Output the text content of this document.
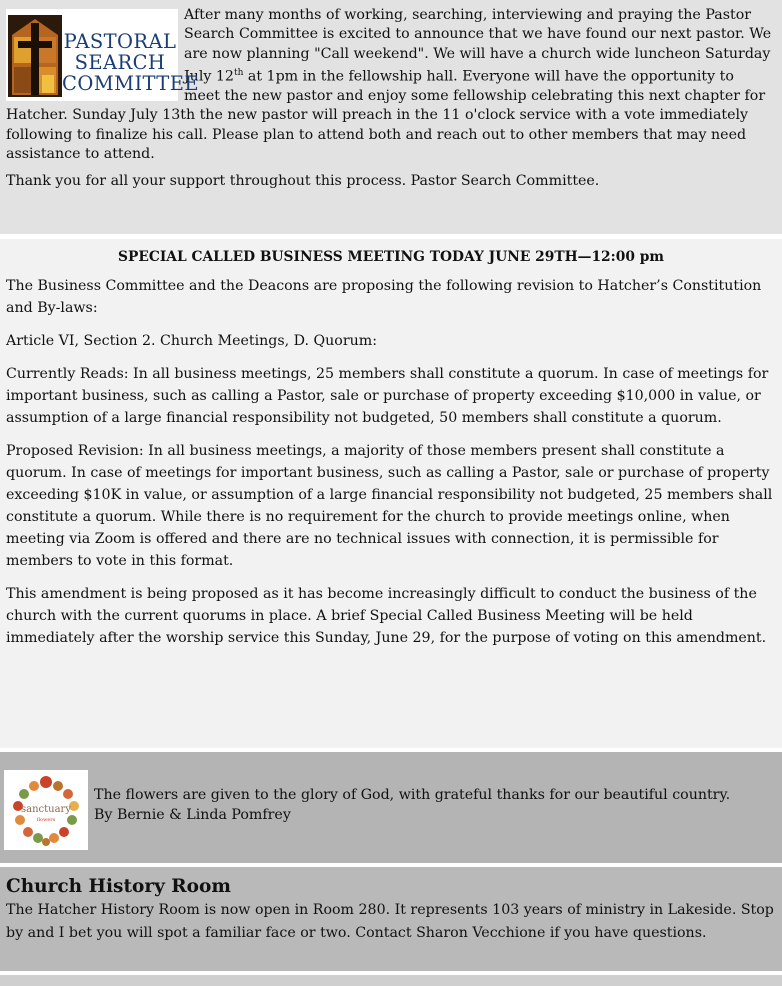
PASTORAL
SEARCH
COMMITTEE

After many months of working, searching, interviewing and praying the Pastor Search Committee is excited to announce that we have found our next pastor. We are now planning "Call weekend". We will have a church wide luncheon Saturday July 12th at 1pm in the fellowship hall. Everyone will have the opportunity to meet the new pastor and enjoy some fellowship celebrating this next chapter for Hatcher. Sunday July 13th the new pastor will preach in the 11 o'clock service with a vote immediately following to finalize his call. Please plan to attend both and reach out to other members that may need assistance to attend.

Thank you for all your support throughout this process. Pastor Search Committee.

SPECIAL CALLED BUSINESS MEETING TODAY JUNE 29TH—12:00 pm

The Business Committee and the Deacons are proposing the following revision to Hatcher’s Constitution and By-laws:

Article VI, Section 2. Church Meetings, D. Quorum:

Currently Reads: In all business meetings, 25 members shall constitute a quorum. In case of meetings for important business, such as calling a Pastor, sale or purchase of property exceeding $10,000 in value, or assumption of a large financial responsibility not budgeted, 50 members shall constitute a quorum.

Proposed Revision: In all business meetings, a majority of those members present shall constitute a quorum. In case of meetings for important business, such as calling a Pastor, sale or purchase of property exceeding $10K in value, or assumption of a large financial responsibility not budgeted, 25 members shall constitute a quorum. While there is no requirement for the church to provide meetings online, when meeting via Zoom is offered and there are no technical issues with connection, it is permissible for members to vote in this format.

This amendment is being proposed as it has become increasingly difficult to conduct the business of the church with the current quorums in place. A brief Special Called Business Meeting will be held immediately after the worship service this Sunday, June 29, for the purpose of voting on this amendment.

sanctuary
flowers

The flowers are given to the glory of God, with grateful thanks for our beautiful country.
By Bernie & Linda Pomfrey

Church History Room

The Hatcher History Room is now open in Room 280. It represents 103 years of ministry in Lakeside. Stop by and I bet you will spot a familiar face or two. Contact Sharon Vecchione if you have questions.
